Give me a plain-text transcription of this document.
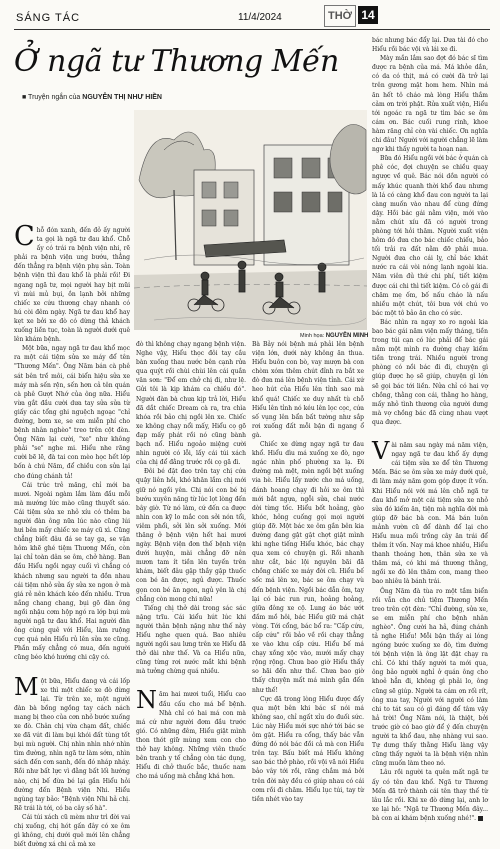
SÁNG TÁC	11/4/2024	THỜ 14
Ở ngã tư Thương Mến
■ Truyện ngắn của NGUYỄN THỊ NHƯ HIỀN
Minh họa: NGUYỄN MINH

Chỗ đón xanh, đến đỏ ấy người ta gọi là ngã tư đau khổ. Chỗ ấy có trái ra bệnh viện nhi, rẽ phải ra bệnh viện ung bướu, thẳng đến thẳng ra bệnh viện phụ sản. Toàn bệnh viện thì đau khổ là phải rồi! Đi ngang ngã tư, mọi người hay bịt mũi vì mùi mủ bụi, ồn lạnh bởi những chiếc xe cứu thương chạy nhanh có hú còi đêm ngày. Ngã tư đau khổ hay kẹt xe bởi xe đò có dừng thả khách xuống liền tục, toàn là người dưới quê lên khám bệnh.

Một bữa, ngay ngã tư đau khổ mọc ra một cái tiệm sửa xe máy để tên "Thương Mến". Ông Năm bán cà phê sát bên trề môi, cái biển hiệu sửa xe máy mà sến rện, sến hơn cả tên quán cà phê Gượt Nhớ của ông nữa. Hiểu vừa gắt đầu cười dưa tay sửa sửa từ giấy các tổng ghi nguệch ngoạc "chỉ đường, bơm xe, se em miễn phí cho bệnh nhân nghèo" treo trên cột đèn. Ông Năm lại cười, "xe" như không phải "se" nghe mi. Hiểu nhe răng cười bẽ lẽ, đà tai con mèo học hết lớp bốn à chú Năm, để chiều con sửa lại cho đúng chánh tả!

Cái trúc trẻ măng, chỉ mới ba mươi. Ngoài ngàm lắm làm đầu mỗi mà mướng lức mào cũng thuyết sáo. Cái tiệm sửa xe nhỏ xíu có thêm ba người đàn ông nữa lúc nào cũng lúi hưi bên mấy chiếc xe máy cũ xì. Cũng chẳng biết đâu đá se tay ga, se vặn hôm khẽ ghé tiệm Thương Mến, còn lại chỉ toàn dân se ôm, chở hàng. Ban đầu Hiểu ngồi ngay cuối vì chẳng có khách nhưng sau người ta đồn nhau cái tiệm nhỏ sửa ấy sửa xe ngon ở mà giá rẻ nên khách kéo đến nhiều. Trưa nắng chang chang, bụi gõ đàn ông ngồi nhậu cơm hộp ngó ra lớp bụi mù người ngã tư đau khổ. Hai người đàn ông cùng quê với Hiểu, làm ruộng cực quá nên Hiểu rủ lên sửa xe cũng. Phần mấy chẳng có mua, đến người cũng béo khó hướng chi cậy có.

Một bữa, Hiểu đang và cái lốp xe thì một chiếc xe đò dừng lại. Từ trên xe, một người đàn bà bồng ngồng tay cách nách mang bị theo của cơn nhỏ bước xuống xe đò. Chân chị vừa chạm đất, chiếc xe đã vút đi làm bụi khói đất tùng tốt bụi mù người. Chị nhìn nhìn nhớ nhìn tìm đường, nhìn ngã tư làm sớm, nhìn sách đến cơn sanh, đến đó nháp nháy. Rồi như bất lực vì đằng bất lối hướng nào, chị bế đừa bé lại gần Hiểu hỏi đường đến Bệnh viện Nhi. Hiểu ngùng tay bảo: "Bệnh viện Nhi hả chị. Rẽ trái là tới, có ba cây số hà".

Cái túi xách cũ mèm như trì đời vai chị xuống, chị hót gấn đây có xe ôm gì không, chị dưới quê mới lên chẳng biết đường xá chi cả mà xe

đò thì không chạy ngang bệnh viện. Nghe vậy, Hiểu thọc đôi tay cầu bàn xuống thau nước bên cạnh rửa qua quýt rồi chùi chùi lên cái quần văn sơn: "Để em chở chị đi, như lệ. Gửi tôi là kịp khám ca chiều đó". Người đàn bà chưa kịp trả lời, Hiểu đã dắt chiếc Dream cà ra, tra chìa khóa rồi bảo chị ngồi lên xe. Chiếc xe không chạy nổi mấy, Hiểu cọ gõ đạp mấy phát rồi nó cũng bành bạch nổ. Hiểu ngoảo miệng cười nhìn người có lỗi, lấy cái túi xách của chị để đằng trước rồi cọ gã đi.

Đôi bé đặt đeo trên tay chị cứa quậy liên hồi, khó khăn lắm chị mới giữ nó ngồi yên. Chị nói con bé bị bướu xuyên năng từ lúc lọt lòng đến bây giờ. Từ nó làm, cứ đến ca được nhìn con kỹ lo mắc con sởi nón tổi, viêm phổi, sởi lên sởi xuống. Mới thăng ở bệnh viện hết hai mươi ngày. Bệnh viện đơn thế bệnh viện dưới huyện, mài chẳng đỡ nên mươn tam ít tiền lên tuyến trên khám, biết đâu gặp thầy gặp thuốc con bé ăn được, ngủ được. Thuốc gọn con bé ăn ngon, ngủ yên là chị chẳng còn mong chi nữa!

Tiếng chị thở dài trong sác sác nặng trĩu. Cái kiểu hút lúc khi người thân bệnh nặng như thế này Hiểu nghe quen quá. Bao nhiêu người ngồi sau lưng trên xe Hiểu đã thở dài như thế. Và ca Hiểu nữa, cũng từng rơi nước mắt khi bệnh mà tưởng chừng quá nhiều.

Năm hai mươi tuổi, Hiểu cao đầu cấu cho má bể bệnh. Nhà chỉ có hai má con mà má cứ như người đơm đầu trước gió. Có những đêm, Hiểu giật mình thon thót giữ mùng xem con cho thở hay không. Những viên thuốc bên tranh y tế chẳng còn tác dụng, Hiểu đi chở thuốc bắc, thuốc nam cho má uống mà chẳng khá hơn.

Bà Bảy nói bệnh má phải lên bệnh viện lớn, dưới này không ăn thua. Hiểu buôn con bò, vay mượn bà con chòm xóm thêm chút đỉnh ra bắt xe đò đưa má lên bệnh viện tỉnh. Cái xứ heo hút của Hiểu lên tỉnh sao mà khổ quá! Chiếc xe duy nhất tù chỗ Hiểu lên tỉnh nó kéu lên lọc cọc, cứa số vụng lên bẩn bất tường như sắp rơi xuống đất mỗi bận đi ngang ổ gà.

Chiếc xe dừng ngay ngã tư đau khổ. Hiểu dìu má xuống xe đò, ngơ ngác nhìn phố phường xa lạ. Đi đường mà mệt, mèn ngồi bệt xuống via hè. Hiểu lấy nước cho má uống, đánh hoang chạy đi hỏi xe ôm thì mới bắt ngựa, ngỗi sửa, chai nước dời từng tốc. Hiểu bốt hoảng, gào khóc, hỏng cuống gọi mọi người giúp đỡ. Một bác xe ôm gần bên kia đường đang gật gặt chợt giật mình khi nghe tiếng Hiểu khóc, bác chạy qua xem có chuyện gì. Rồi nhanh như cắt, bác lội nguyên bãi đã chồng chiếc xe máy đời cũ. Hiểu bế sốc má lên xe, bác se ôm chạy vù đến bệnh viện. Ngồi bác dẫn ôm, tay lại có bác run run, hoảng hoảng, giữa đông xe cộ. Lung áo bác ướt đầm mồ hôi, bác Hiểu giữ má chặt vòng. Tới cổng, bác bổ ra: "Cấp cứu, cấp cứu" rồi bảo về rồi chạy thẳng xe vào khu cấp cứu. Hiểu bế má chạy xồng xộc vào, mưới mấy chạy rộng rộng. Chưa bao giờ Hiểu thấy so hãi đến như thế. Chưa bao giờ thấy chuyện mất má mình gần đến như thế!

Cực đã trong lòng Hiểu được đẩy qua một bên khi bác sĩ nói má không sao, chỉ ngất xỉu do đuối sức. Lúc này Hiểu mới sực nhớ tới bác se ôm gặt. Hiểu ra cổng, thấy bác vẫn đứng đó nói bác đồi cả mà con Hiểu trên tay. Bấu biết má Hiểu không sao bác thở phào, rồi vội vã nói Hiểu bảo vây tới rồi, răng chắm má bởi trên đời này đều có giúp nhau có cái cơm rồi đi chăm. Hiểu lục túi, tay từ tiền nhét vào tay

bác nhưng bác đẩy lại. Dưa tài đó cho Hiểu rồi bác vội và lái xe đi.

Mày mắn lắm sao đợt đó bác sĩ tìm được ra bệnh của má. Má khỏe dần, có da có thịt, má có cười đà trở lại trên gương mặt hom hem. Nhìn má ăn hết tô cháo mà lòng Hiểu thắm cảm ơn trời phật. Rửa xuất viện, Hiểu tới ngoác ra ngã tư tìm bác se ôm cám ơn. Bác cuối rung rinh, khoe hàm răng chỉ còn vài chiếc. Ơn nghĩa chi đâu! Người với người chẳng lẽ làm ngơ khi thấy người ta hoạn nạn.

Bữa đó Hiểu ngồi với bác ở quán cà phê cóc, đợi chuyện se chiều quay ngược về quê. Bác nói dồn người có mấy khúc quanh thời khổ đau nhưng là lá có càng khổ đau con người ta lại càng muốn vào nhau để cùng đứng dậy. Hồi bác gái nằm viện, mới vào nằm chút xíu đã có người trong phòng tới hỏi thăm. Người xuất viện hôm đó đưa cho bác chiếc chiếu, bảo tối trải ra đất nằm đỡ phải mua. Người đưa cho cái ly, chỉ bác khát nước ra cái vòi nóng lạnh ngoài kia. Năm viên đủ thứ chi phí, tiết kiệm được cái chi thì tiết kiệm. Có cô gái đi chăm mẹ ốm, bố nấu cháo là nấu nhiều một chút, tôi bưa với chú vo bác một tô bảo ăn cho có sức.

Bác nhìn ra ngay xo ro ngoài kia bao bác gái năm viện mấy tháng, tiền trong túi cạn có lúc phải để bác gái nằm một mình ra đường chạy kiếm tiền trong trái. Nhiều người trong phòng có nồi bác đi đi, chuyện gì giúp được họ sẽ giúp, chuyện gì lớn sẽ gọi bác tới liền. Nửa chỉ có hai vợ chồng, thằng con cái, thằng ho hàng, mấy nhỏ tình thương của người dưng mà vợ chồng bác đã cùng nhau vượt qua được.

Vài năm sau ngày má năm viện, ngay ngã tư đau khổ ấy dựng cái tiệm sửa xe để tên Thương Mến. Bác se ôm sửa xe máy dưới quê, đi làm máy năm gom góp được ít vốn. Khi Hiểu nói với má lên chỗ ngã tư đau khổ mở một cái tiệm sửa xe nhỏ sửa đó kiếm ăn, tiện mà nghĩa đời mà giúp đỡ bác bà con. Má bán luôn mảnh vườn cũ để dành để lại cho Hiểu mua mối trồng cây ăn trái để thêm ít vốn. Nay má khoe nhiều, Hiểu thanh thoáng hơn, thân sửa xe và thăm má, có khi má thương thằng, ngồi xe đò lên thăm con, mang theo bao nhiêu là bánh trái.

Ông Năm đà tùa ro một tầm biển rồi vẫn cho chủ tiệm Thương Mến treo trên cột đèn: "Chỉ đường, sửa xe, se em miễn phí cho bệnh nhân nghèo". Ông cười ha hả, đúng chánh tả nghe Hiểu! Mỗi bận thấy ai lóng ngóng bước xuống xe đò, tìm đường tới bệnh viện là ông lật đật chạy ra chỉ. Có khi thấy người ta mới qua, ông bảo người nghỉ ở quán ông cho khoẻ hẳn đi, không gì phải lo, ông cũng sẽ giúp. Người ta cám ơn rối rít, ông xua tay, Người với người có làm chi to tát sau có gì đáng để tâm vậy hả trời! Ông Năm nói, là thiệt, bởi trước giờ có bao giờ để ý đến chuyện người ta khổ đau, nhẹ nhàng vui sao. Tự dưng thấy thằng Hiểu làng vậy cũng thấy người ta là bệnh viện nhìn cũng muốn làm theo nó.

Lâu rồi người ta quên mất ngã tư ấy có tên đau khổ. Ngã tư Thương Mến đã trở thành cái tên thay thế từ lâu lắc rồi. Khi xe đò dừng lại, anh lơ xe lại hô: "Ngã tư Thương Mến đây... bà con ai khám bệnh xuống nhé!".
